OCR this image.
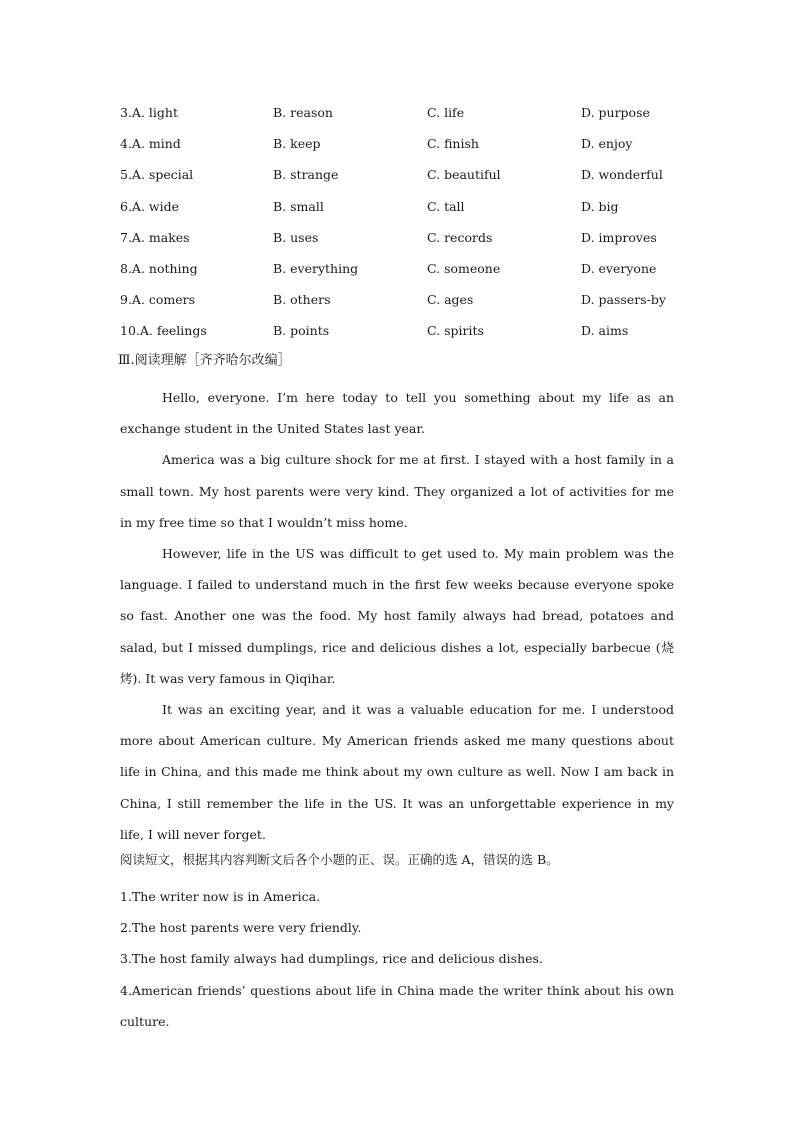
3.A. light	B. reason	C. life	D. purpose
4.A. mind	B. keep	C. finish	D. enjoy
5.A. special	B. strange	C. beautiful	D. wonderful
6.A. wide	B. small	C. tall	D. big
7.A. makes	B. uses	C. records	D. improves
8.A. nothing	B. everything	C. someone	D. everyone
9.A. comers	B. others	C. ages	D. passers-by
10.A. feelings	B. points	C. spirits	D. aims
Ⅲ.阅读理解［齐齐哈尔改编］

Hello, everyone. I’m here today to tell you something about my life as an exchange student in the United States last year.

America was a big culture shock for me at first. I stayed with a host family in a small town. My host parents were very kind. They organized a lot of activities for me in my free time so that I wouldn’t miss home.

However, life in the US was difficult to get used to. My main problem was the language. I failed to understand much in the first few weeks because everyone spoke so fast. Another one was the food. My host family always had bread, potatoes and salad, but I missed dumplings, rice and delicious dishes a lot, especially barbecue (烧烤). It was very famous in Qiqihar.

It was an exciting year, and it was a valuable education for me. I understood more about American culture. My American friends asked me many questions about life in China, and this made me think about my own culture as well. Now I am back in China, I still remember the life in the US. It was an unforgettable experience in my life, I will never forget.

阅读短文，根据其内容判断文后各个小题的正、误。正确的选 A，错误的选 B。

1.The writer now is in America.

2.The host parents were very friendly.

3.The host family always had dumplings, rice and delicious dishes.

4.American friends’ questions about life in China made the writer think about his own culture.
